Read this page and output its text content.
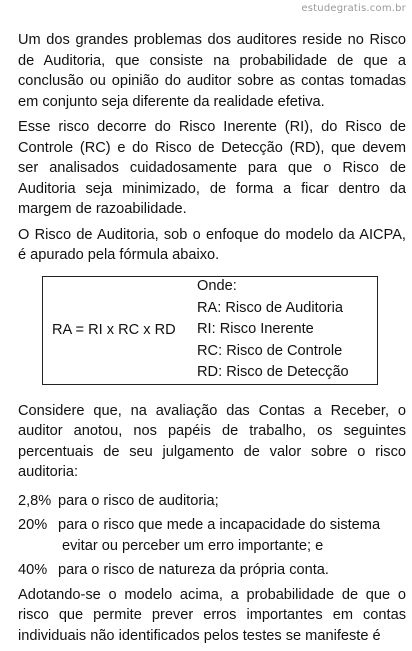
estudegratis.com.br

Um dos grandes problemas dos auditores reside no Risco de Auditoria, que consiste na probabilidade de que a conclusão ou opinião do auditor sobre as contas tomadas em conjunto seja diferente da realidade efetiva.

Esse risco decorre do Risco Inerente (RI), do Risco de Controle (RC) e do Risco de Detecção (RD), que devem ser analisados cuidadosamente para que o Risco de Auditoria seja minimizado, de forma a ficar dentro da margem de razoabilidade.

O Risco de Auditoria, sob o enfoque do modelo da AICPA, é apurado pela fórmula abaixo.

RA = RI x RC x RD
Onde:
RA: Risco de Auditoria
RI: Risco Inerente
RC: Risco de Controle
RD: Risco de Detecção

Considere que, na avaliação das Contas a Receber, o auditor anotou, nos papéis de trabalho, os seguintes percentuais de seu julgamento de valor sobre o risco auditoria:

2,8% para o risco de auditoria;
20% para o risco que mede a incapacidade do sistema
evitar ou perceber um erro importante; e
40% para o risco de natureza da própria conta.

Adotando-se o modelo acima, a probabilidade de que o risco que permite prever erros importantes em contas individuais não identificados pelos testes se manifeste é
